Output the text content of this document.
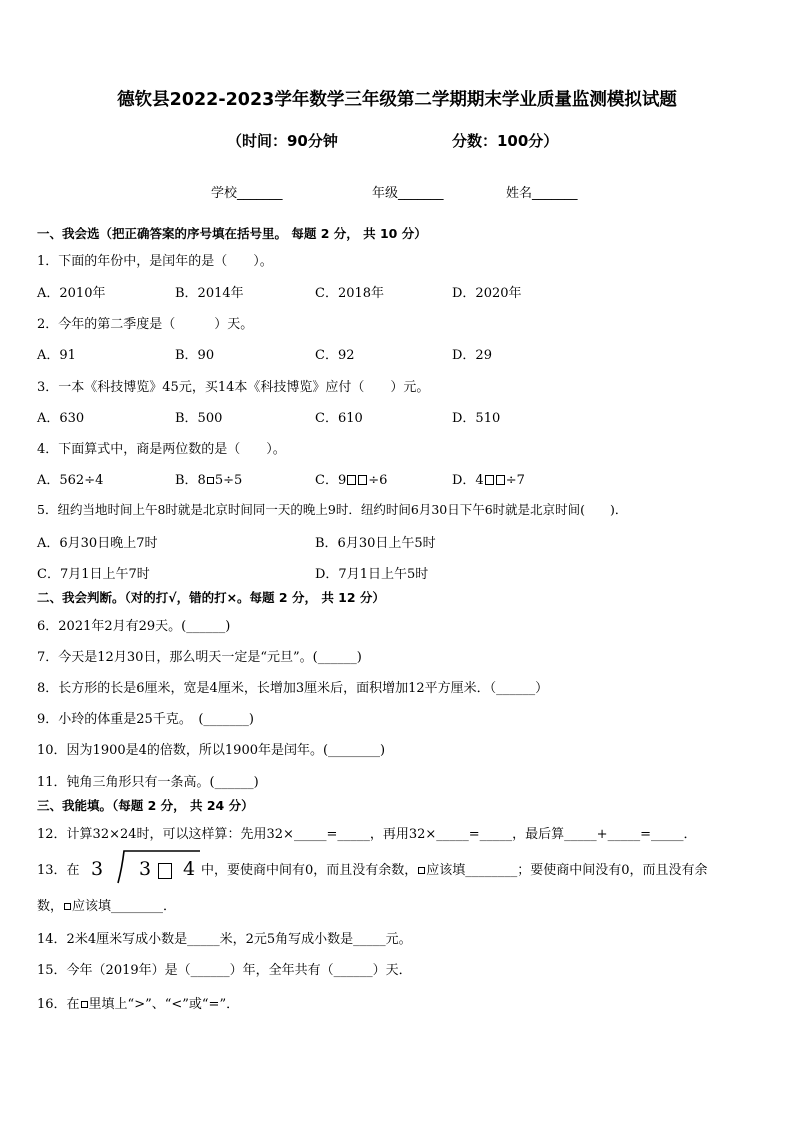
德钦县2022-2023学年数学三年级第二学期期末学业质量监测模拟试题
（时间：90分钟	分数：100分）
学校_______	年级_______	姓名_______
一、我会选（把正确答案的序号填在括号里。 每题 2 分， 共 10 分）
1．下面的年份中，是闰年的是（　　）。
A．2010年	B．2014年	C．2018年	D．2020年
2．今年的第二季度是（　　　）天。
A．91	B．90	C．92	D．29
3．一本《科技博览》45元，买14本《科技博览》应付（　　）元。
A．630	B．500	C．610	D．510
4．下面算式中，商是两位数的是（　　）。
A．562÷4	B．8 5÷5	C．9 ÷6	D．4 ÷7
5．纽约当地时间上午8时就是北京时间同一天的晚上9时．纽约时间6月30日下午6时就是北京时间(　　)．
A．6月30日晚上7时	B．6月30日上午5时
C．7月1日上午7时	D．7月1日上午5时
二、我会判断。（对的打√，错的打×。每题 2 分， 共 12 分）
6．2021年2月有29天。(______)
7．今天是12月30日，那么明天一定是“元旦”。(______)
8．长方形的长是6厘米，宽是4厘米，长增加3厘米后，面积增加12平方厘米．（______）
9．小玲的体重是25千克。　(_______)
10．因为1900是4的倍数，所以1900年是闰年。(________)
11．钝角三角形只有一条高。(______)
三、我能填。（每题 2 分， 共 24 分）
12．计算32×24时，可以这样算：先用32×_____=_____，再用32×_____=_____，最后算_____+_____=_____．
13．在 3 3 4 中，要使商中间有0，而且没有余数， 应该填________；要使商中间没有0，而且没有余
数， 应该填________．
14．2米4厘米写成小数是_____米，2元5角写成小数是_____元。
15．今年（2019年）是（______）年，全年共有（______）天．
16．在 里填上“>”、“<”或“=”．
